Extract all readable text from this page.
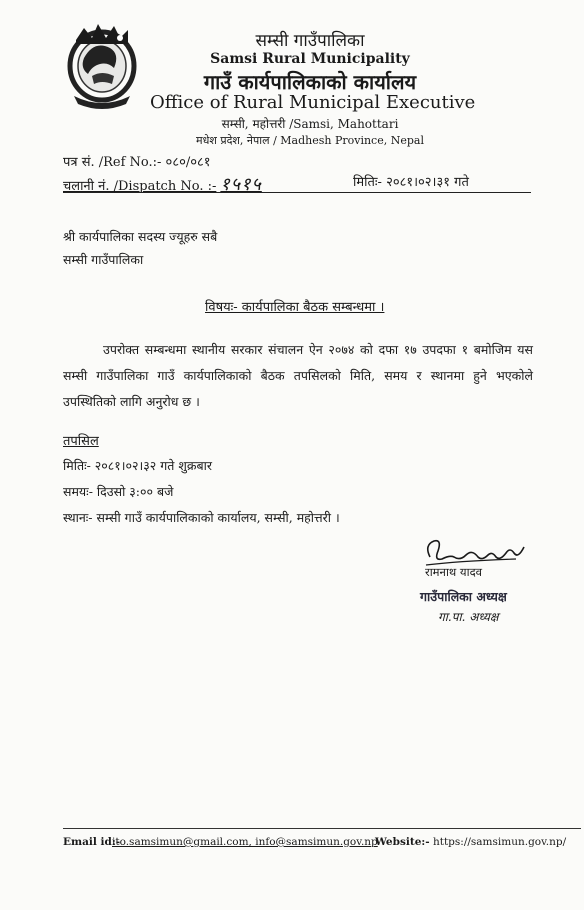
सम्सी गाउँपालिका
Samsi Rural Municipality
गाउँ कार्यपालिकाको कार्यालय
Office of Rural Municipal Executive
सम्सी, महोत्तरी /Samsi, Mahottari
मधेश प्रदेश, नेपाल / Madhesh Province, Nepal
पत्र सं. /Ref No.:- ०८०/०८१
चलानी नं. /Dispatch No. :- १५१५	मितिः- २०८१।०२।३१ गते
श्री कार्यपालिका सदस्य ज्यूहरु सबै
सम्सी गाउँपालिका
विषयः- कार्यपालिका बैठक सम्बन्धमा ।
उपरोक्त सम्बन्धमा स्थानीय सरकार संचालन ऐन २०७४ को दफा १७ उपदफा १ बमोजिम यस सम्सी गाउँपालिका गाउँ कार्यपालिकाको बैठक तपसिलको मिति, समय र स्थानमा हुने भएकोले उपस्थितिको लागि अनुरोध छ ।
तपसिल
मितिः- २०८१।०२।३२ गते शुक्रबार
समयः- दिउसो ३:०० बजे
स्थानः- सम्सी गाउँ कार्यपालिकाको कार्यालय, सम्सी, महोत्तरी ।
रामनाथ यादव
गाउँपालिका अध्यक्ष
गा.पा. अध्यक्ष
Email id:-
ito.samsimun@gmail.com, info@samsimun.gov.np
Website:- https://samsimun.gov.np/
